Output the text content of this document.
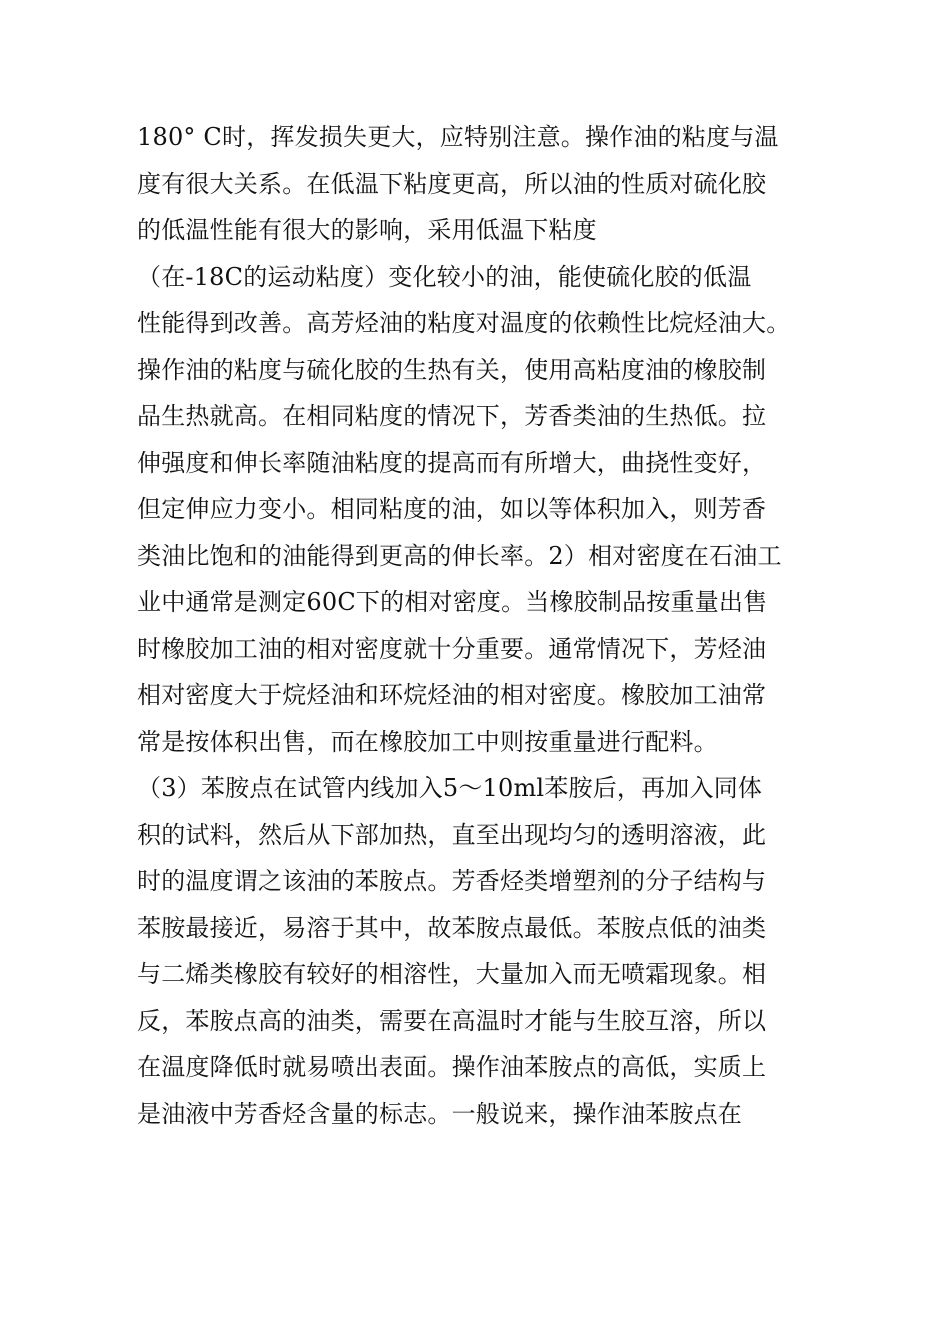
180° C时，挥发损失更大，应特别注意。操作油的粘度与温
度有很大关系。在低温下粘度更高，所以油的性质对硫化胶
的低温性能有很大的影响，采用低温下粘度
（在-18C的运动粘度）变化较小的油，能使硫化胶的低温
性能得到改善。高芳烃油的粘度对温度的依赖性比烷烃油大。
操作油的粘度与硫化胶的生热有关，使用高粘度油的橡胶制
品生热就高。在相同粘度的情况下，芳香类油的生热低。拉
伸强度和伸长率随油粘度的提高而有所增大，曲挠性变好，
但定伸应力变小。相同粘度的油，如以等体积加入，则芳香
类油比饱和的油能得到更高的伸长率。2）相对密度在石油工
业中通常是测定60C下的相对密度。当橡胶制品按重量出售
时橡胶加工油的相对密度就十分重要。通常情况下，芳烃油
相对密度大于烷烃油和环烷烃油的相对密度。橡胶加工油常
常是按体积出售，而在橡胶加工中则按重量进行配料。
（3）苯胺点在试管内线加入5～10ml苯胺后，再加入同体
积的试料，然后从下部加热，直至出现均匀的透明溶液，此
时的温度谓之该油的苯胺点。芳香烃类增塑剂的分子结构与
苯胺最接近，易溶于其中，故苯胺点最低。苯胺点低的油类
与二烯类橡胶有较好的相溶性，大量加入而无喷霜现象。相
反，苯胺点高的油类，需要在高温时才能与生胶互溶，所以
在温度降低时就易喷出表面。操作油苯胺点的高低，实质上
是油液中芳香烃含量的标志。一般说来，操作油苯胺点在
